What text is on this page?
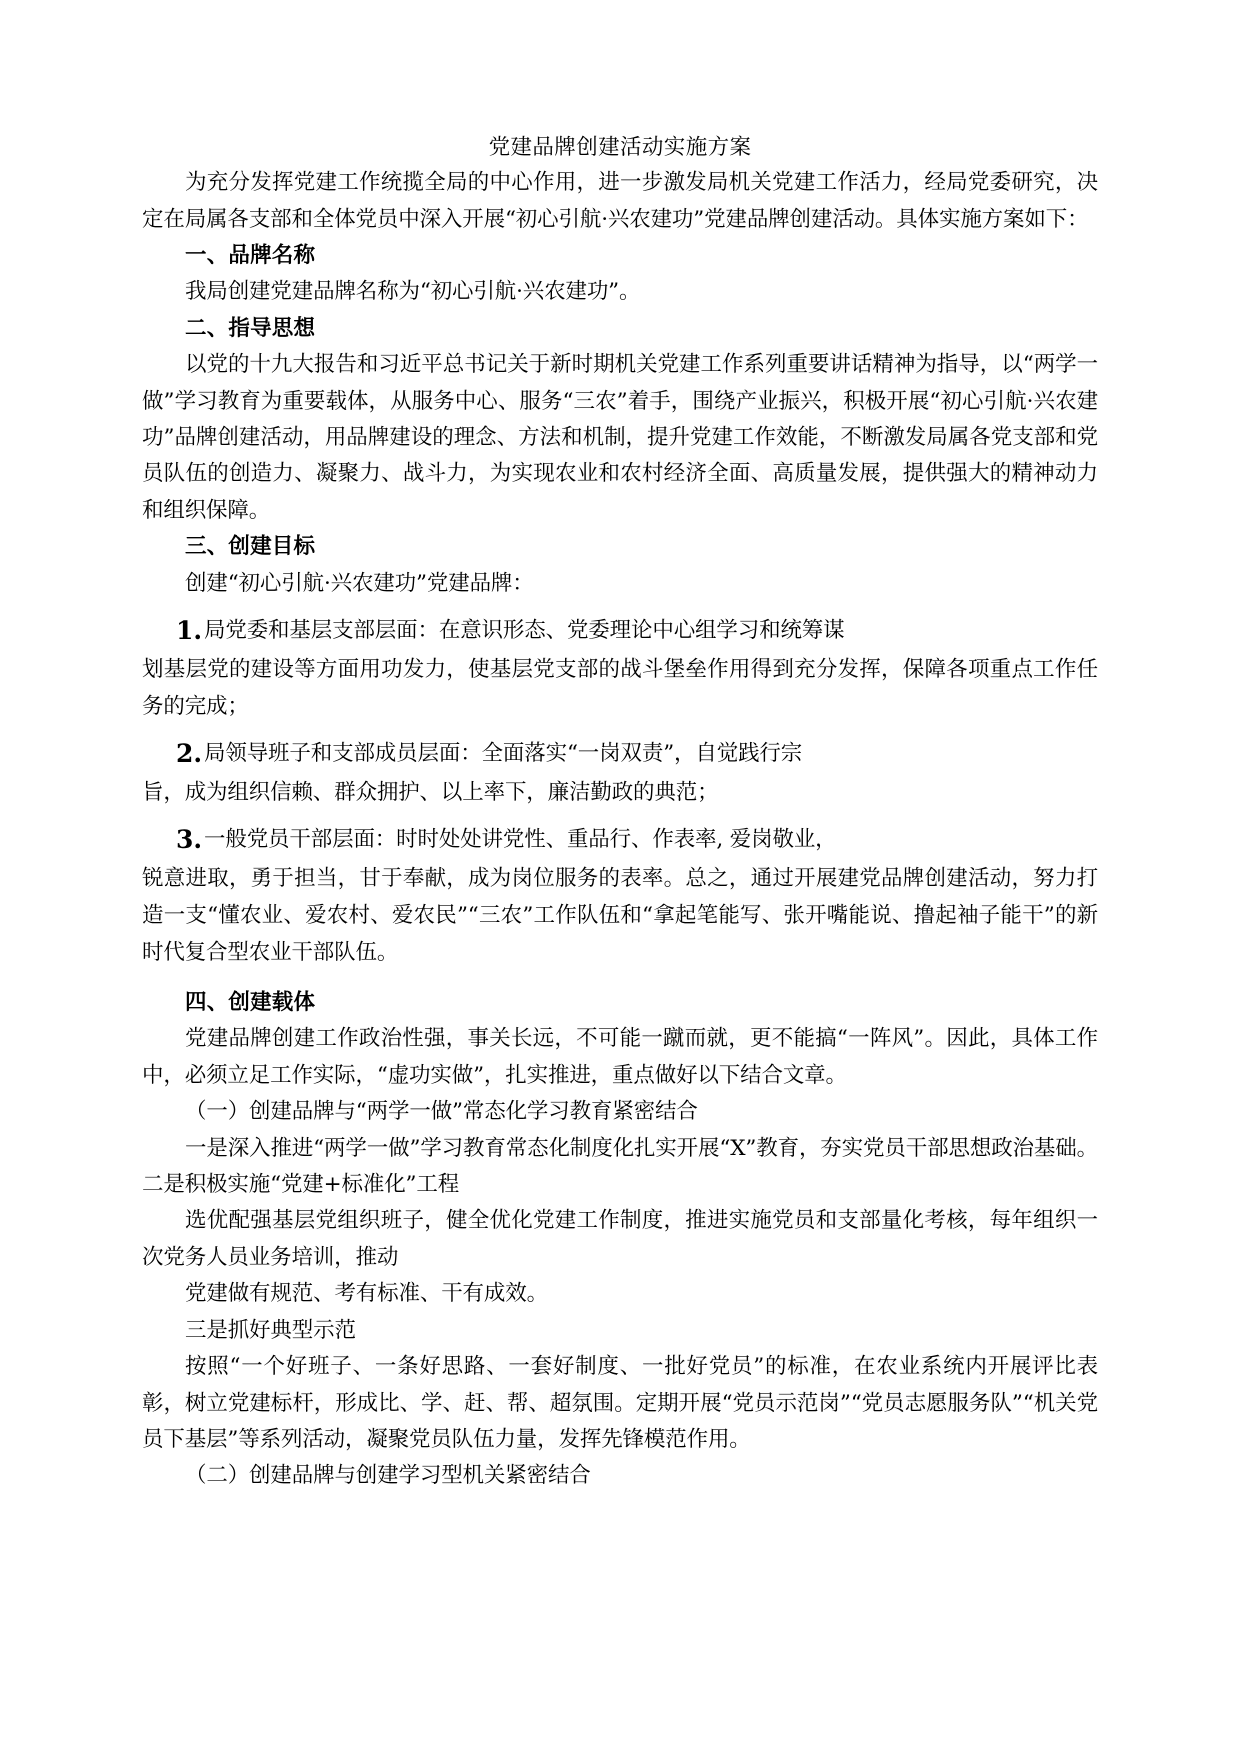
党建品牌创建活动实施方案

为充分发挥党建工作统揽全局的中心作用，进一步激发局机关党建工作活力，经局党委研究，决定在局属各支部和全体党员中深入开展“初心引航·兴农建功”党建品牌创建活动。具体实施方案如下：

一、品牌名称

我局创建党建品牌名称为“初心引航·兴农建功”。

二、指导思想

以党的十九大报告和习近平总书记关于新时期机关党建工作系列重要讲话精神为指导，以“两学一做”学习教育为重要载体，从服务中心、服务“三农”着手，围绕产业振兴，积极开展“初心引航·兴农建功”品牌创建活动，用品牌建设的理念、方法和机制，提升党建工作效能，不断激发局属各党支部和党员队伍的创造力、凝聚力、战斗力，为实现农业和农村经济全面、高质量发展，提供强大的精神动力和组织保障。

三、创建目标

创建“初心引航·兴农建功”党建品牌：

1. 局党委和基层支部层面：在意识形态、党委理论中心组学习和统筹谋
划基层党的建设等方面用功发力，使基层党支部的战斗堡垒作用得到充分发挥，保障各项重点工作任务的完成；
2. 局领导班子和支部成员层面：全面落实“一岗双责”，自觉践行宗
旨，成为组织信赖、群众拥护、以上率下，廉洁勤政的典范；
3. 一般党员干部层面：时时处处讲党性、重品行、作表率, 爱岗敬业，
锐意进取，勇于担当，甘于奉献，成为岗位服务的表率。总之，通过开展建党品牌创建活动，努力打造一支“懂农业、爱农村、爱农民”“三农”工作队伍和“拿起笔能写、张开嘴能说、撸起袖子能干”的新时代复合型农业干部队伍。

四、创建载体

党建品牌创建工作政治性强，事关长远，不可能一蹴而就，更不能搞“一阵风”。因此，具体工作中，必须立足工作实际，“虚功实做”，扎实推进，重点做好以下结合文章。

（一）创建品牌与“两学一做”常态化学习教育紧密结合

一是深入推进“两学一做”学习教育常态化制度化扎实开展“X”教育，夯实党员干部思想政治基础。二是积极实施“党建+标准化”工程

选优配强基层党组织班子，健全优化党建工作制度，推进实施党员和支部量化考核，每年组织一次党务人员业务培训，推动

党建做有规范、考有标准、干有成效。

三是抓好典型示范

按照“一个好班子、一条好思路、一套好制度、一批好党员”的标准，在农业系统内开展评比表彰，树立党建标杆，形成比、学、赶、帮、超氛围。定期开展“党员示范岗”“党员志愿服务队”“机关党员下基层”等系列活动，凝聚党员队伍力量，发挥先锋模范作用。

（二）创建品牌与创建学习型机关紧密结合
